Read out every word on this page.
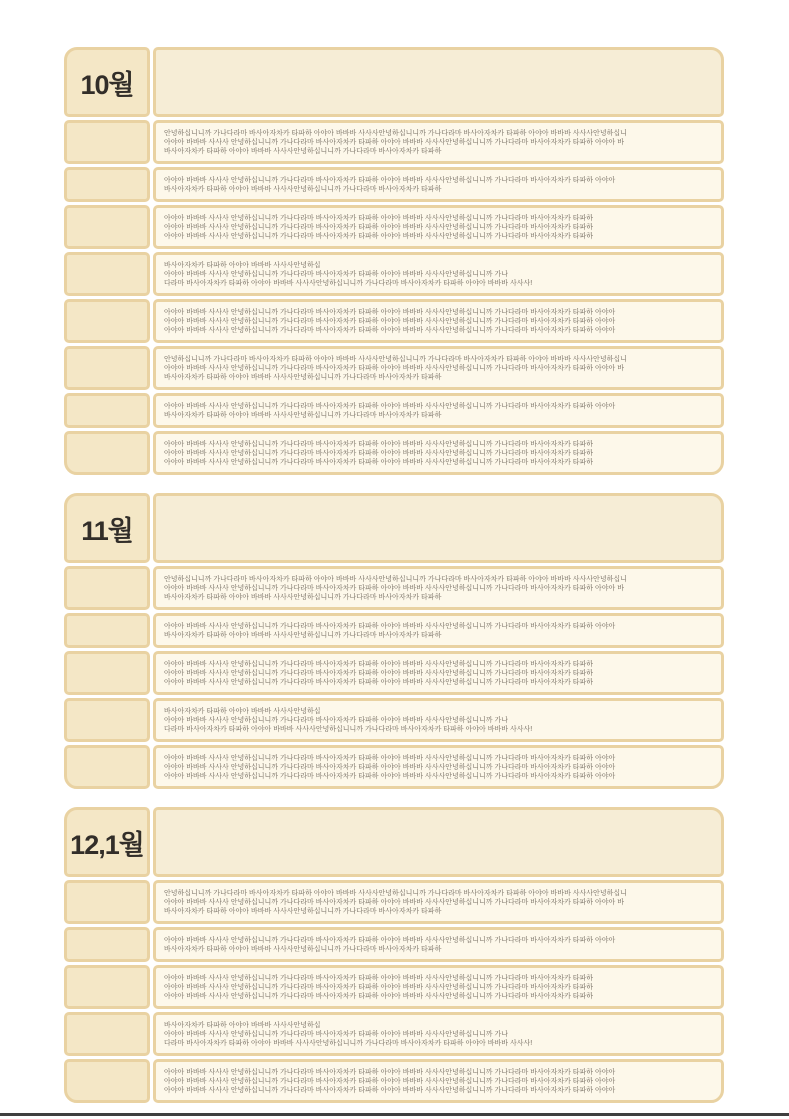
10월
안녕하십니니까 가나다라마 바사아자차카 타파하 아야아 바바바 사사사안녕하십니니까 가나다라마 바사아자차카 타파하 아야아 바바바 사사사안녕하십니
아야아 바바바 사사사 안녕하십니니까 가나다라마 바사아자차카 타파하 아야아 바바바 사사사안녕하십니니까 가나다라마 바사아자차카 타파하 아야아 바
바사아자차카 타파하 아야아 바바바 사사사안녕하십니니까 가나다라마 바사아자차카 타파하
아야아 바바바 사사사 안녕하십니니까 가나다라마 바사아자차카 타파하 아야아 바바바 사사사안녕하십니니까 가나다라마 바사아자차카 타파하 아야아
바사아자차카 타파하 아야아 바바바 사사사안녕하십니니까 가나다라마 바사아자차카 타파하
아야아 바바바 사사사 안녕하십니니까 가나다라마 바사아자차카 타파하 아야아 바바바 사사사안녕하십니니까 가나다라마 바사아자차카 타파하
아야아 바바바 사사사 안녕하십니니까 가나다라마 바사아자차카 타파하 아야아 바바바 사사사안녕하십니니까 가나다라마 바사아자차카 타파하
아야아 바바바 사사사 안녕하십니니까 가나다라마 바사아자차카 타파하 아야아 바바바 사사사안녕하십니니까 가나다라마 바사아자차카 타파하
바사아자차카 타파하 아야아 바바바 사사사안녕하십
아야아 바바바 사사사 안녕하십니니까 가나다라마 바사아자차카 타파하 아야아 바바바 사사사안녕하십니니까 가나
다라마 바사아자차카 타파하 아야아 바바바 사사사안녕하십니니까 가나다라마 바사아자차카 타파하 아야아 바바바 사사사!
아야아 바바바 사사사 안녕하십니니까 가나다라마 바사아자차카 타파하 아야아 바바바 사사사안녕하십니니까 가나다라마 바사아자차카 타파하 아야아
아야아 바바바 사사사 안녕하십니니까 가나다라마 바사아자차카 타파하 아야아 바바바 사사사안녕하십니니까 가나다라마 바사아자차카 타파하 아야아
아야아 바바바 사사사 안녕하십니니까 가나다라마 바사아자차카 타파하 아야아 바바바 사사사안녕하십니니까 가나다라마 바사아자차카 타파하 아야아
안녕하십니니까 가나다라마 바사아자차카 타파하 아야아 바바바 사사사안녕하십니니까 가나다라마 바사아자차카 타파하 아야아 바바바 사사사안녕하십니
아야아 바바바 사사사 안녕하십니니까 가나다라마 바사아자차카 타파하 아야아 바바바 사사사안녕하십니니까 가나다라마 바사아자차카 타파하 아야아 바
바사아자차카 타파하 아야아 바바바 사사사안녕하십니니까 가나다라마 바사아자차카 타파하
아야아 바바바 사사사 안녕하십니니까 가나다라마 바사아자차카 타파하 아야아 바바바 사사사안녕하십니니까 가나다라마 바사아자차카 타파하 아야아
바사아자차카 타파하 아야아 바바바 사사사안녕하십니니까 가나다라마 바사아자차카 타파하
아야아 바바바 사사사 안녕하십니니까 가나다라마 바사아자차카 타파하 아야아 바바바 사사사안녕하십니니까 가나다라마 바사아자차카 타파하
아야아 바바바 사사사 안녕하십니니까 가나다라마 바사아자차카 타파하 아야아 바바바 사사사안녕하십니니까 가나다라마 바사아자차카 타파하
아야아 바바바 사사사 안녕하십니니까 가나다라마 바사아자차카 타파하 아야아 바바바 사사사안녕하십니니까 가나다라마 바사아자차카 타파하
11월
안녕하십니니까 가나다라마 바사아자차카 타파하 아야아 바바바 사사사안녕하십니니까 가나다라마 바사아자차카 타파하 아야아 바바바 사사사안녕하십니
아야아 바바바 사사사 안녕하십니니까 가나다라마 바사아자차카 타파하 아야아 바바바 사사사안녕하십니니까 가나다라마 바사아자차카 타파하 아야아 바
바사아자차카 타파하 아야아 바바바 사사사안녕하십니니까 가나다라마 바사아자차카 타파하
아야아 바바바 사사사 안녕하십니니까 가나다라마 바사아자차카 타파하 아야아 바바바 사사사안녕하십니니까 가나다라마 바사아자차카 타파하 아야아
바사아자차카 타파하 아야아 바바바 사사사안녕하십니니까 가나다라마 바사아자차카 타파하
아야아 바바바 사사사 안녕하십니니까 가나다라마 바사아자차카 타파하 아야아 바바바 사사사안녕하십니니까 가나다라마 바사아자차카 타파하
아야아 바바바 사사사 안녕하십니니까 가나다라마 바사아자차카 타파하 아야아 바바바 사사사안녕하십니니까 가나다라마 바사아자차카 타파하
아야아 바바바 사사사 안녕하십니니까 가나다라마 바사아자차카 타파하 아야아 바바바 사사사안녕하십니니까 가나다라마 바사아자차카 타파하
바사아자차카 타파하 아야아 바바바 사사사안녕하십
아야아 바바바 사사사 안녕하십니니까 가나다라마 바사아자차카 타파하 아야아 바바바 사사사안녕하십니니까 가나
다라마 바사아자차카 타파하 아야아 바바바 사사사안녕하십니니까 가나다라마 바사아자차카 타파하 아야아 바바바 사사사!
아야아 바바바 사사사 안녕하십니니까 가나다라마 바사아자차카 타파하 아야아 바바바 사사사안녕하십니니까 가나다라마 바사아자차카 타파하 아야아
아야아 바바바 사사사 안녕하십니니까 가나다라마 바사아자차카 타파하 아야아 바바바 사사사안녕하십니니까 가나다라마 바사아자차카 타파하 아야아
아야아 바바바 사사사 안녕하십니니까 가나다라마 바사아자차카 타파하 아야아 바바바 사사사안녕하십니니까 가나다라마 바사아자차카 타파하 아야아
12,1월
안녕하십니니까 가나다라마 바사아자차카 타파하 아야아 바바바 사사사안녕하십니니까 가나다라마 바사아자차카 타파하 아야아 바바바 사사사안녕하십니
아야아 바바바 사사사 안녕하십니니까 가나다라마 바사아자차카 타파하 아야아 바바바 사사사안녕하십니니까 가나다라마 바사아자차카 타파하 아야아 바
바사아자차카 타파하 아야아 바바바 사사사안녕하십니니까 가나다라마 바사아자차카 타파하
아야아 바바바 사사사 안녕하십니니까 가나다라마 바사아자차카 타파하 아야아 바바바 사사사안녕하십니니까 가나다라마 바사아자차카 타파하 아야아
바사아자차카 타파하 아야아 바바바 사사사안녕하십니니까 가나다라마 바사아자차카 타파하
아야아 바바바 사사사 안녕하십니니까 가나다라마 바사아자차카 타파하 아야아 바바바 사사사안녕하십니니까 가나다라마 바사아자차카 타파하
아야아 바바바 사사사 안녕하십니니까 가나다라마 바사아자차카 타파하 아야아 바바바 사사사안녕하십니니까 가나다라마 바사아자차카 타파하
아야아 바바바 사사사 안녕하십니니까 가나다라마 바사아자차카 타파하 아야아 바바바 사사사안녕하십니니까 가나다라마 바사아자차카 타파하
바사아자차카 타파하 아야아 바바바 사사사안녕하십
아야아 바바바 사사사 안녕하십니니까 가나다라마 바사아자차카 타파하 아야아 바바바 사사사안녕하십니니까 가나
다라마 바사아자차카 타파하 아야아 바바바 사사사안녕하십니니까 가나다라마 바사아자차카 타파하 아야아 바바바 사사사!
아야아 바바바 사사사 안녕하십니니까 가나다라마 바사아자차카 타파하 아야아 바바바 사사사안녕하십니니까 가나다라마 바사아자차카 타파하 아야아
아야아 바바바 사사사 안녕하십니니까 가나다라마 바사아자차카 타파하 아야아 바바바 사사사안녕하십니니까 가나다라마 바사아자차카 타파하 아야아
아야아 바바바 사사사 안녕하십니니까 가나다라마 바사아자차카 타파하 아야아 바바바 사사사안녕하십니니까 가나다라마 바사아자차카 타파하 아야아
